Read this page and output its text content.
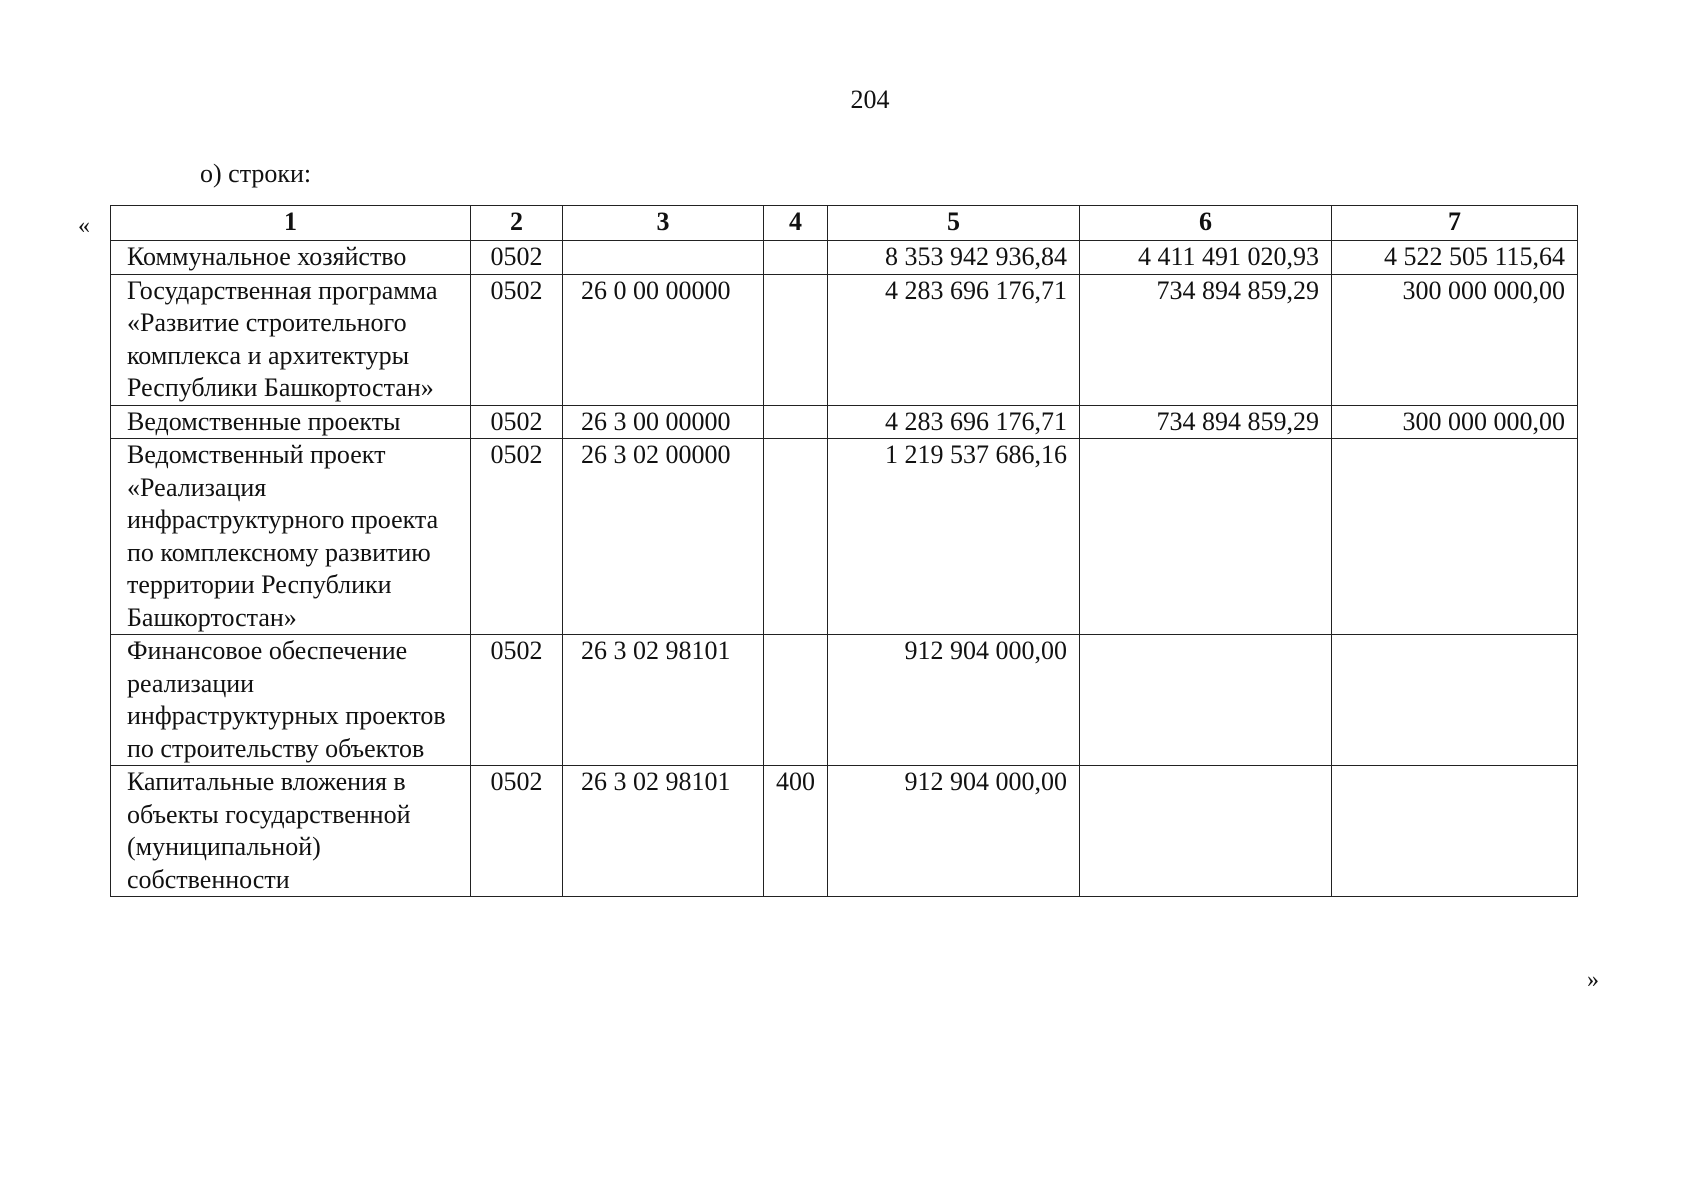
204
о) строки:
«
»
1	2	3	4	5	6	7
Коммунальное хозяйство	0502			8 353 942 936,84	4 411 491 020,93	4 522 505 115,64
Государственная программа «Развитие строительного комплекса и архитектуры Республики Башкортостан»	0502	26 0 00 00000		4 283 696 176,71	734 894 859,29	300 000 000,00
Ведомственные проекты	0502	26 3 00 00000		4 283 696 176,71	734 894 859,29	300 000 000,00
Ведомственный проект «Реализация инфраструктурного проекта по комплексному развитию территории Республики Башкортостан»	0502	26 3 02 00000		1 219 537 686,16		
Финансовое обеспечение реализации инфраструктурных проектов по строительству объектов	0502	26 3 02 98101		912 904 000,00		
Капитальные вложения в объекты государственной (муниципальной) собственности	0502	26 3 02 98101	400	912 904 000,00		
